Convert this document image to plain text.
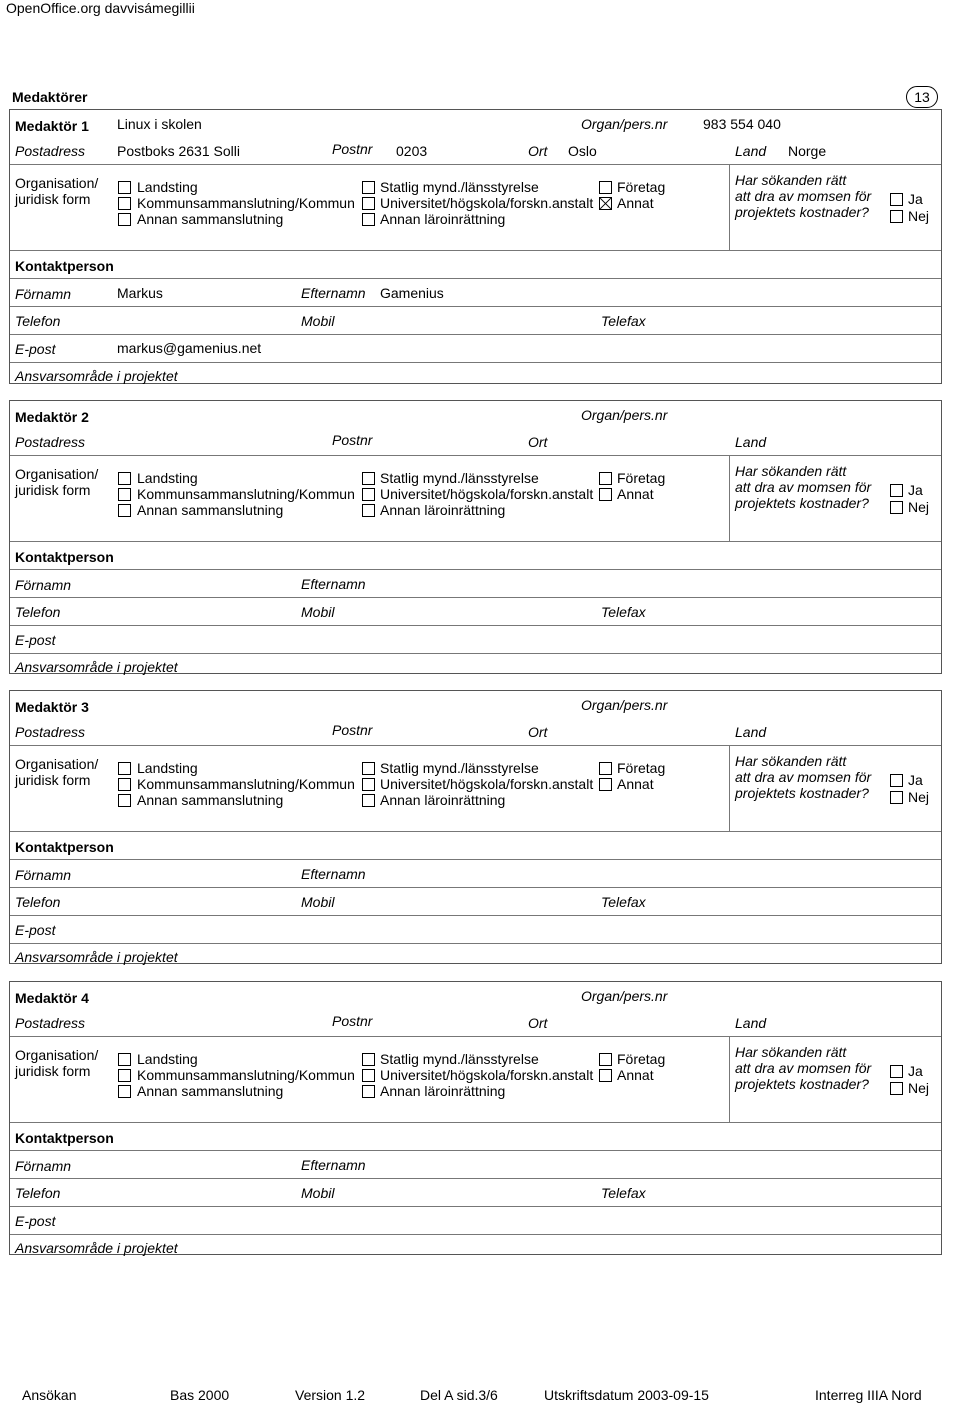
OpenOffice.org davvisámegillii
Medaktörer	13
Medaktör 1 Linux i skolen	Organ/pers.nr	983 554 040
Postadress Postboks 2631 Solli	Postnr 0203	Ort Oslo	Land Norge
Organisation/
juridisk form
Landsting
Kommunsammanslutning/Kommun
Annan sammanslutning
Statlig mynd./länsstyrelse
Universitet/högskola/forskn.anstalt
Annan läroinrättning
Företag
Annat
Har sökanden rätt
att dra av momsen för
projektets kostnader?
Ja
Nej
Kontaktperson
Förnamn	Markus	Efternamn Gamenius
Telefon	Mobil	Telefax
E-post	markus@gamenius.net
Ansvarsområde i projektet
Medaktör 2	Organ/pers.nr
Postadress	Postnr	Ort	Land
Organisation/
juridisk form
Landsting
Kommunsammanslutning/Kommun
Annan sammanslutning
Statlig mynd./länsstyrelse
Universitet/högskola/forskn.anstalt
Annan läroinrättning
Företag
Annat
Har sökanden rätt
att dra av momsen för
projektets kostnader?
Ja
Nej
Kontaktperson
Förnamn	Efternamn
Telefon	Mobil	Telefax
E-post
Ansvarsområde i projektet
Medaktör 3	Organ/pers.nr
Postadress	Postnr	Ort	Land
Organisation/
juridisk form
Landsting
Kommunsammanslutning/Kommun
Annan sammanslutning
Statlig mynd./länsstyrelse
Universitet/högskola/forskn.anstalt
Annan läroinrättning
Företag
Annat
Har sökanden rätt
att dra av momsen för
projektets kostnader?
Ja
Nej
Kontaktperson
Förnamn	Efternamn
Telefon	Mobil	Telefax
E-post
Ansvarsområde i projektet
Medaktör 4	Organ/pers.nr
Postadress	Postnr	Ort	Land
Organisation/
juridisk form
Landsting
Kommunsammanslutning/Kommun
Annan sammanslutning
Statlig mynd./länsstyrelse
Universitet/högskola/forskn.anstalt
Annan läroinrättning
Företag
Annat
Har sökanden rätt
att dra av momsen för
projektets kostnader?
Ja
Nej
Kontaktperson
Förnamn	Efternamn
Telefon	Mobil	Telefax
E-post
Ansvarsområde i projektet
Ansökan	Bas 2000	Version 1.2	Del A sid.3/6	Utskriftsdatum 2003-09-15	Interreg IIIA Nord
